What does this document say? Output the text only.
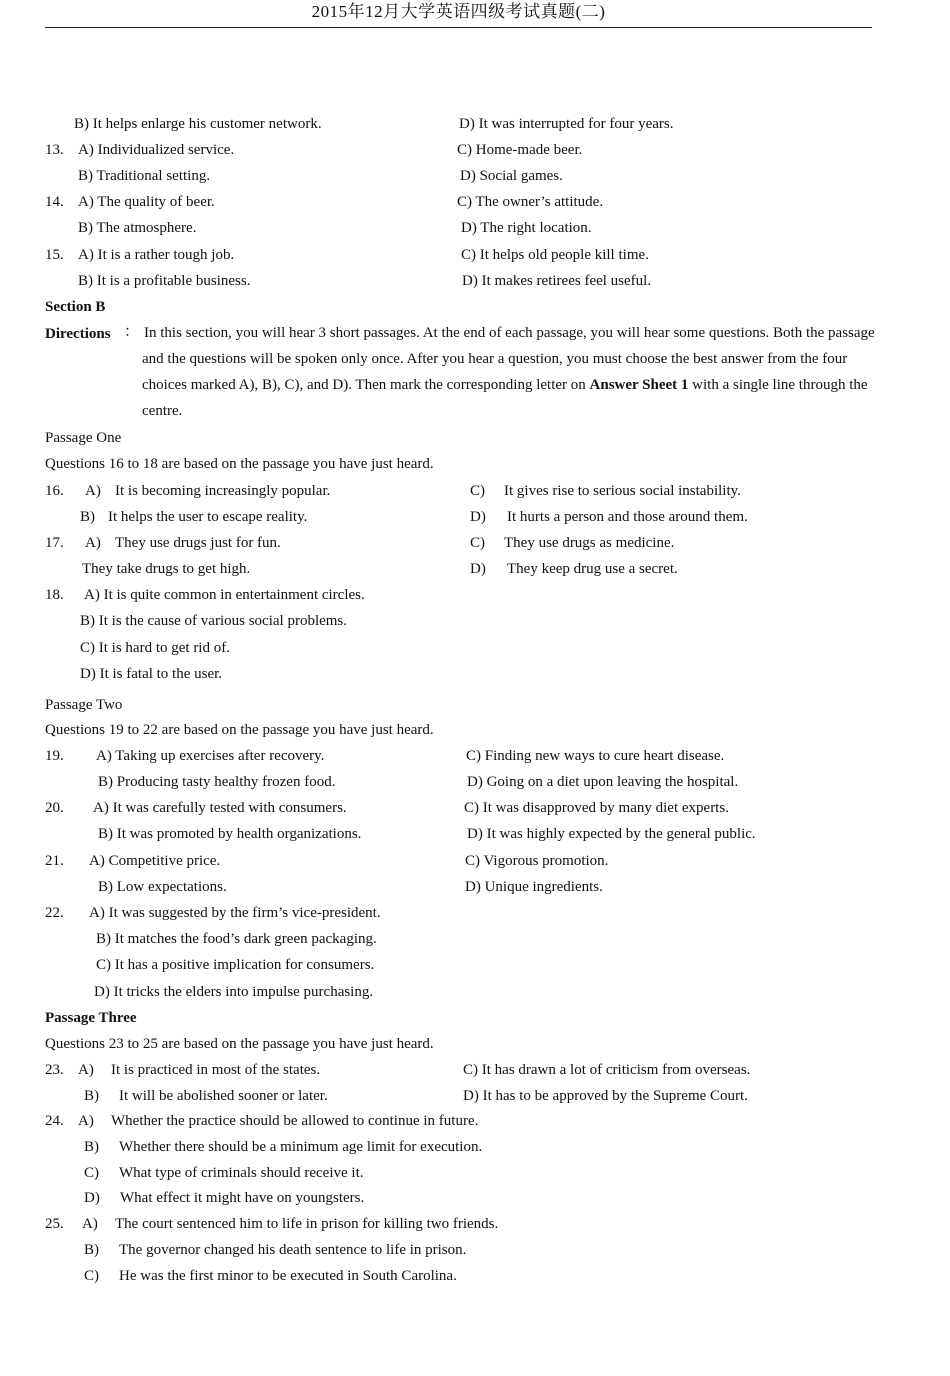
2015年12月大学英语四级考试真题(二)
B) It helps enlarge his customer network.	D) It was interrupted for four years.
13. A) Individualized service.	C) Home-made beer.
B) Traditional setting.	D) Social games.
14. A) The quality of beer.	C) The owner’s attitude.
B) The atmosphere.	D) The right location.
15. A) It is a rather tough job.	C) It helps old people kill time.
B) It is a profitable business.	D) It makes retirees feel useful.
Section B
Directions ： In this section, you will hear 3 short passages. At the end of each passage, you will hear some questions. Both the passage and the questions will be spoken only once. After you hear a question, you must choose the best answer from the four choices marked A), B), C), and D). Then mark the corresponding letter on Answer Sheet 1 with a single line through the centre.
Passage One
Questions 16 to 18 are based on the passage you have just heard.
16. A) It is becoming increasingly popular.	C) It gives rise to serious social instability.
B) It helps the user to escape reality.	D) It hurts a person and those around them.
17. A) They use drugs just for fun.	C) They use drugs as medicine.
They take drugs to get high.	D) They keep drug use a secret.
18. A) It is quite common in entertainment circles.
B) It is the cause of various social problems.
C) It is hard to get rid of.
D) It is fatal to the user.
Passage Two
Questions 19 to 22 are based on the passage you have just heard.
19. A) Taking up exercises after recovery.	C) Finding new ways to cure heart disease.
B) Producing tasty healthy frozen food.	D) Going on a diet upon leaving the hospital.
20. A) It was carefully tested with consumers.	C) It was disapproved by many diet experts.
B) It was promoted by health organizations.	D) It was highly expected by the general public.
21. A) Competitive price.	C) Vigorous promotion.
B) Low expectations.	D) Unique ingredients.
22. A) It was suggested by the firm’s vice-president.
B) It matches the food’s dark green packaging.
C) It has a positive implication for consumers.
D) It tricks the elders into impulse purchasing.
Passage Three
Questions 23 to 25 are based on the passage you have just heard.
23. A) It is practiced in most of the states.	C) It has drawn a lot of criticism from overseas.
B) It will be abolished sooner or later.	D) It has to be approved by the Supreme Court.
24. A) Whether the practice should be allowed to continue in future.
B) Whether there should be a minimum age limit for execution.
C) What type of criminals should receive it.
D) What effect it might have on youngsters.
25. A) The court sentenced him to life in prison for killing two friends.
B) The governor changed his death sentence to life in prison.
C) He was the first minor to be executed in South Carolina.
